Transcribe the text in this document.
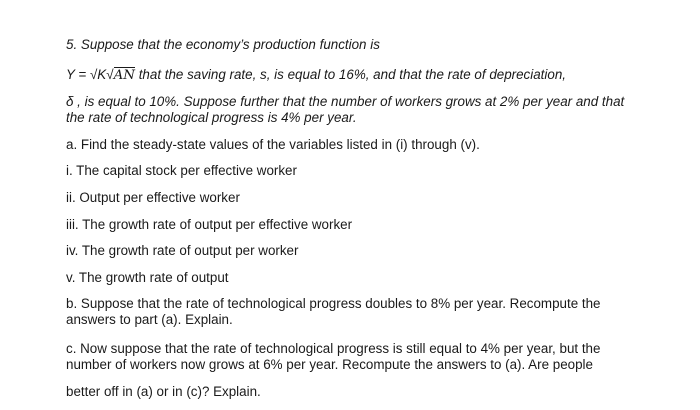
5. Suppose that the economy’s production function is
Y = √K√AN that the saving rate, s, is equal to 16%, and that the rate of depreciation,
δ , is equal to 10%. Suppose further that the number of workers grows at 2% per year and that the rate of technological progress is 4% per year.
a. Find the steady-state values of the variables listed in (i) through (v).
i. The capital stock per effective worker
ii. Output per effective worker
iii. The growth rate of output per effective worker
iv. The growth rate of output per worker
v. The growth rate of output
b. Suppose that the rate of technological progress doubles to 8% per year. Recompute the answers to part (a). Explain.
c. Now suppose that the rate of technological progress is still equal to 4% per year, but the number of workers now grows at 6% per year. Recompute the answers to (a). Are people
better off in (a) or in (c)? Explain.
